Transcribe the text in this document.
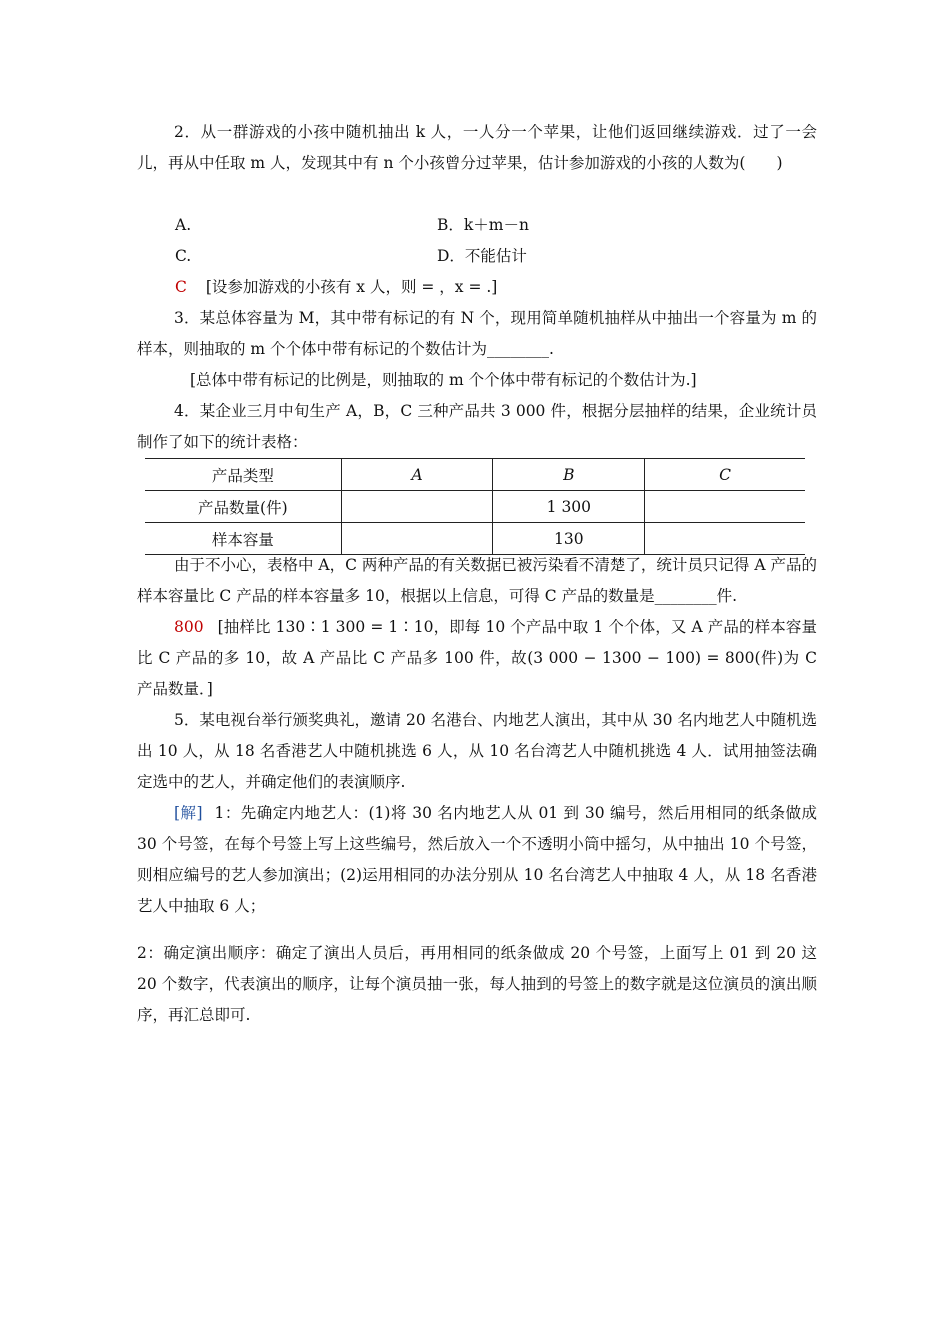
2．从一群游戏的小孩中随机抽出 k 人，一人分一个苹果，让他们返回继续游戏．过了一会儿，再从中任取 m 人，发现其中有 n 个小孩曾分过苹果，估计参加游戏的小孩的人数为(　　)

A.	B．k＋m－n
C.	D．不能估计
C [设参加游戏的小孩有 x 人，则 = ，x = .]

3．某总体容量为 M，其中带有标记的有 N 个，现用简单随机抽样从中抽出一个容量为 m 的样本，则抽取的 m 个个体中带有标记的个数估计为________.

[总体中带有标记的比例是，则抽取的 m 个个体中带有标记的个数估计为.]

4．某企业三月中旬生产 A，B，C 三种产品共 3 000 件，根据分层抽样的结果，企业统计员制作了如下的统计表格：

产品类型	A	B	C
产品数量(件)		1 300	
样本容量		130	

由于不小心，表格中 A，C 两种产品的有关数据已被污染看不清楚了，统计员只记得 A 产品的样本容量比 C 产品的样本容量多 10，根据以上信息，可得 C 产品的数量是________件.

800 [抽样比 130∶1 300 = 1∶10，即每 10 个产品中取 1 个个体，又 A 产品的样本容量比 C 产品的多 10，故 A 产品比 C 产品多 100 件，故(3 000 − 1300 − 100) = 800(件)为 C 产品数量．]

5．某电视台举行颁奖典礼，邀请 20 名港台、内地艺人演出，其中从 30 名内地艺人中随机选出 10 人，从 18 名香港艺人中随机挑选 6 人，从 10 名台湾艺人中随机挑选 4 人．试用抽签法确定选中的艺人，并确定他们的表演顺序.

[解] 1：先确定内地艺人：(1)将 30 名内地艺人从 01 到 30 编号，然后用相同的纸条做成 30 个号签，在每个号签上写上这些编号，然后放入一个不透明小筒中摇匀，从中抽出 10 个号签，则相应编号的艺人参加演出；(2)运用相同的办法分别从 10 名台湾艺人中抽取 4 人，从 18 名香港艺人中抽取 6 人；

2：确定演出顺序：确定了演出人员后，再用相同的纸条做成 20 个号签，上面写上 01 到 20 这 20 个数字，代表演出的顺序，让每个演员抽一张，每人抽到的号签上的数字就是这位演员的演出顺序，再汇总即可.
